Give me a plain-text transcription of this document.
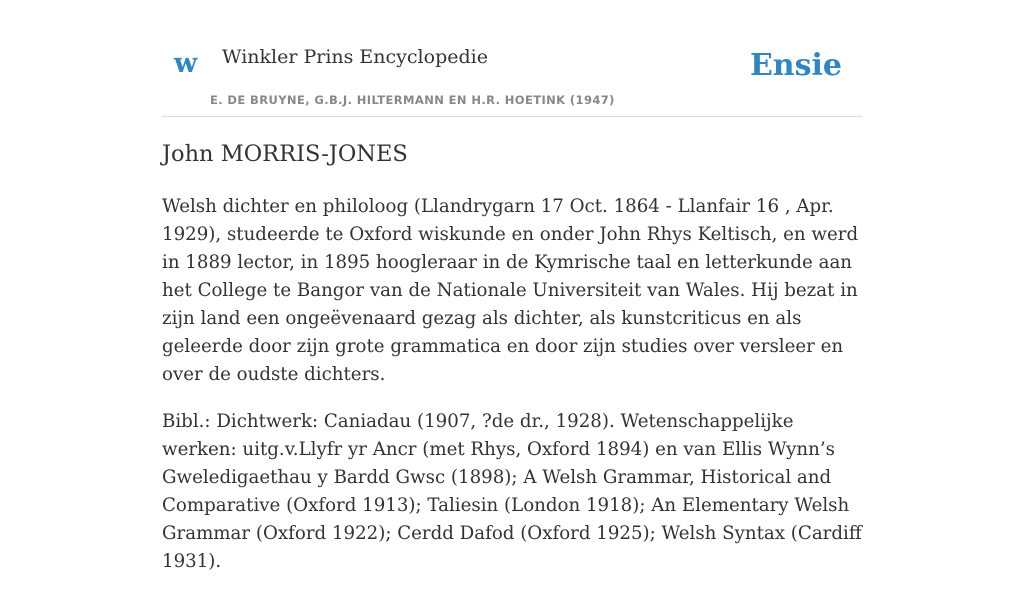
w Winkler Prins Encyclopedie
E. DE BRUYNE, G.B.J. HILTERMANN EN H.R. HOETINK (1947)
Ensie
John MORRIS-JONES

Welsh dichter en philoloog (Llandrygarn 17 Oct. 1864 - Llanfair 16 , Apr. 1929), studeerde te Oxford wiskunde en onder John Rhys Keltisch, en werd in 1889 lector, in 1895 hoogleraar in de Kymrische taal en letterkunde aan het College te Bangor van de Nationale Universiteit van Wales. Hij bezat in zijn land een ongeëvenaard gezag als dichter, als kunstcriticus en als geleerde door zijn grote grammatica en door zijn studies over versleer en over de oudste dichters.

Bibl.: Dichtwerk: Caniadau (1907, ?de dr., 1928). Wetenschappelijke werken: uitg.v.Llyfr yr Ancr (met Rhys, Oxford 1894) en van Ellis Wynn’s Gweledigaethau y Bardd Gwsc (1898); A Welsh Grammar, Historical and Comparative (Oxford 1913); Taliesin (London 1918); An Elementary Welsh Grammar (Oxford 1922); Cerdd Dafod (Oxford 1925); Welsh Syntax (Cardiff 1931).
